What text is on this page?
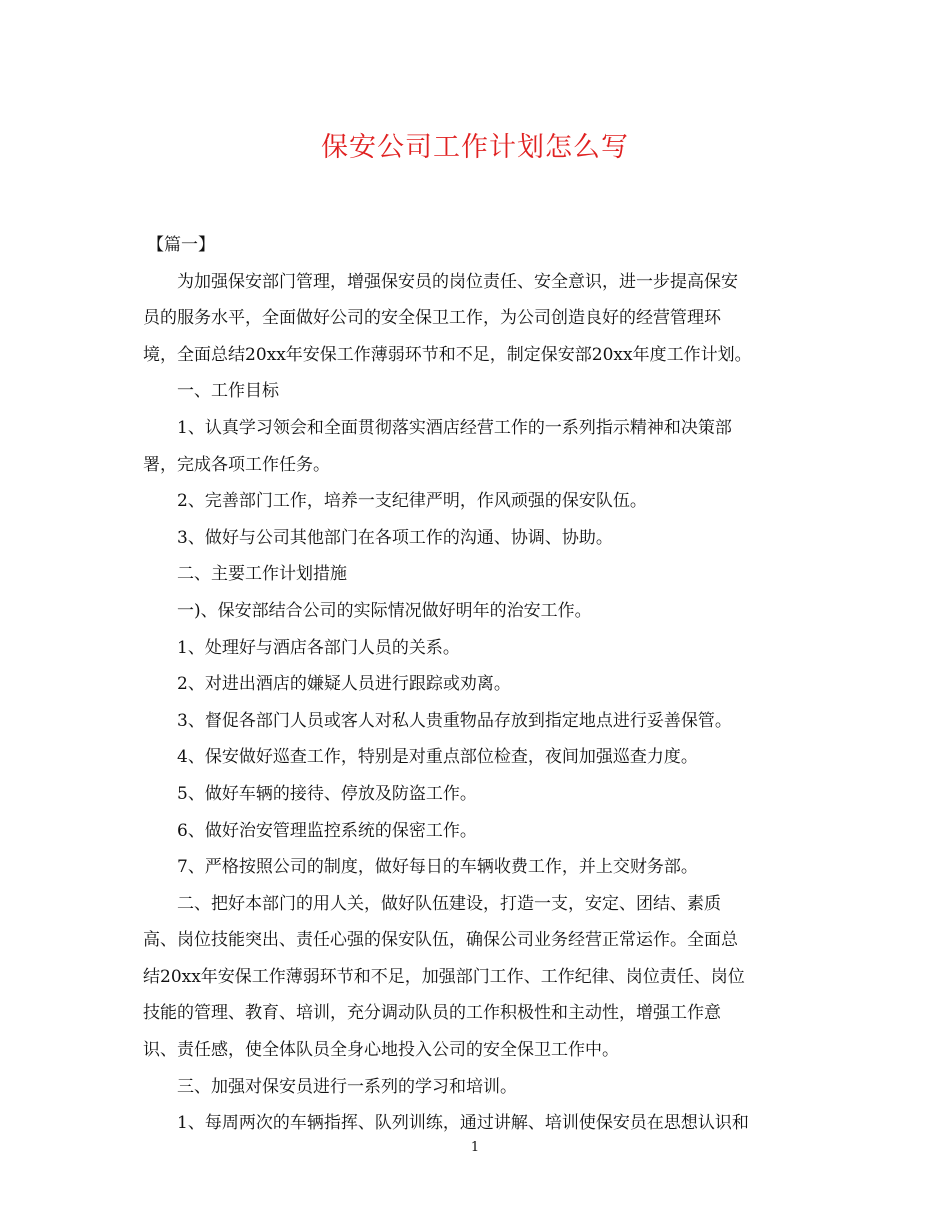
保安公司工作计划怎么写

【篇一】

为加强保安部门管理，增强保安员的岗位责任、安全意识，进一步提高保安

员的服务水平，全面做好公司的安全保卫工作，为公司创造良好的经营管理环

境，全面总结20xx年安保工作薄弱环节和不足，制定保安部20xx年度工作计划。

一、工作目标

1、认真学习领会和全面贯彻落实酒店经营工作的一系列指示精神和决策部

署，完成各项工作任务。

2、完善部门工作，培养一支纪律严明，作风顽强的保安队伍。

3、做好与公司其他部门在各项工作的沟通、协调、协助。

二、主要工作计划措施

一)、保安部结合公司的实际情况做好明年的治安工作。

1、处理好与酒店各部门人员的关系。

2、对进出酒店的嫌疑人员进行跟踪或劝离。

3、督促各部门人员或客人对私人贵重物品存放到指定地点进行妥善保管。

4、保安做好巡查工作，特别是对重点部位检查，夜间加强巡查力度。

5、做好车辆的接待、停放及防盗工作。

6、做好治安管理监控系统的保密工作。

7、严格按照公司的制度，做好每日的车辆收费工作，并上交财务部。

二、把好本部门的用人关，做好队伍建设，打造一支，安定、团结、素质

高、岗位技能突出、责任心强的保安队伍，确保公司业务经营正常运作。全面总

结20xx年安保工作薄弱环节和不足，加强部门工作、工作纪律、岗位责任、岗位

技能的管理、教育、培训，充分调动队员的工作积极性和主动性，增强工作意

识、责任感，使全体队员全身心地投入公司的安全保卫工作中。

三、加强对保安员进行一系列的学习和培训。

1、每周两次的车辆指挥、队列训练，通过讲解、培训使保安员在思想认识和

1
